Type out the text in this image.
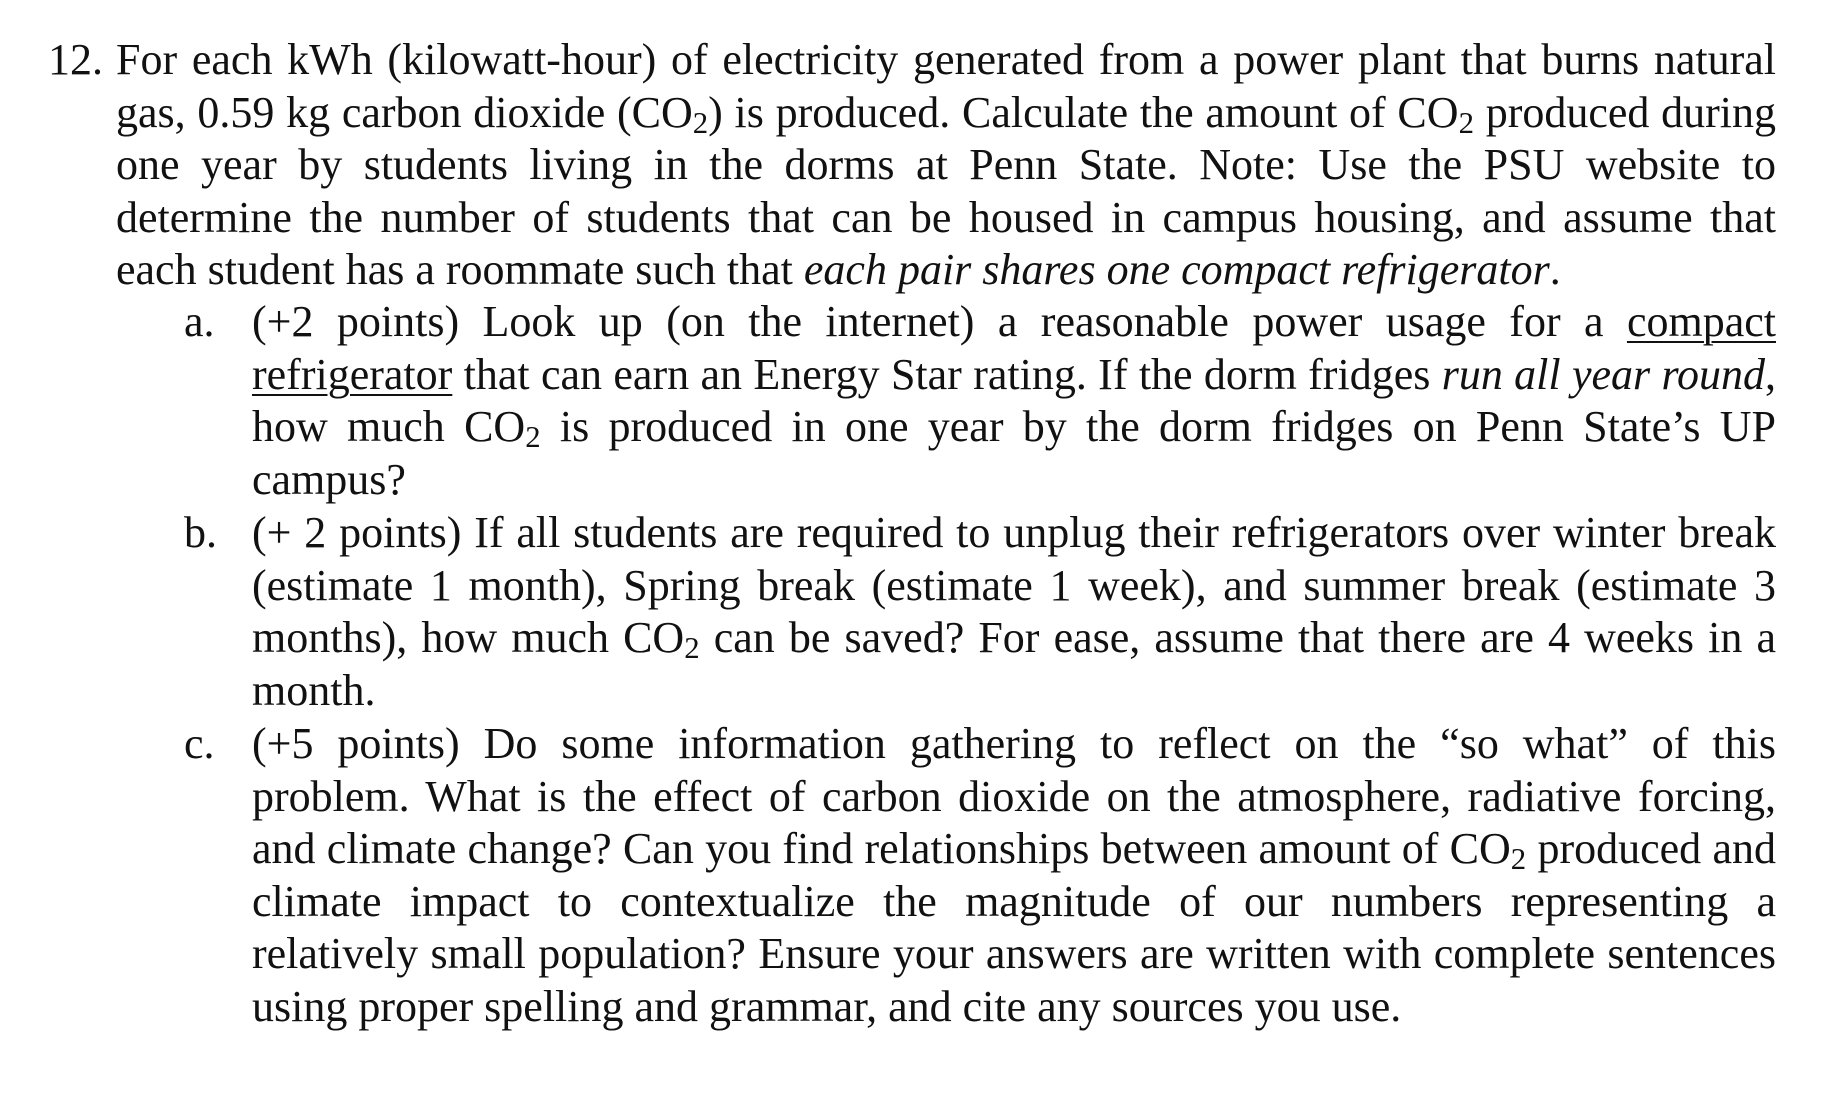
12. For each kWh (kilowatt-hour) of electricity generated from a power plant that burns natural gas, 0.59 kg carbon dioxide $(CO_2)$ is produced. Calculate the amount of $CO_2$ produced during one year by students living in the dorms at Penn State. Note: Use the PSU website to determine the number of students that can be housed in campus housing, and assume that each student has a roommate such that each pair shares one compact refrigerator.

a. (+2 points) Look up (on the internet) a reasonable power usage for a compact refrigerator that can earn an Energy Star rating. If the dorm fridges run all year round, how much $CO_2$ is produced in one year by the dorm fridges on Penn State’s UP campus?

b. (+ 2 points) If all students are required to unplug their refrigerators over winter break (estimate 1 month), Spring break (estimate 1 week), and summer break (estimate 3 months), how much $CO_2$ can be saved? For ease, assume that there are 4 weeks in a month.

c. (+5 points) Do some information gathering to reflect on the “so what” of this problem. What is the effect of carbon dioxide on the atmosphere, radiative forcing, and climate change? Can you find relationships between amount of $CO_2$ produced and climate impact to contextualize the magnitude of our numbers representing a relatively small population? Ensure your answers are written with complete sentences using proper spelling and grammar, and cite any sources you use.
